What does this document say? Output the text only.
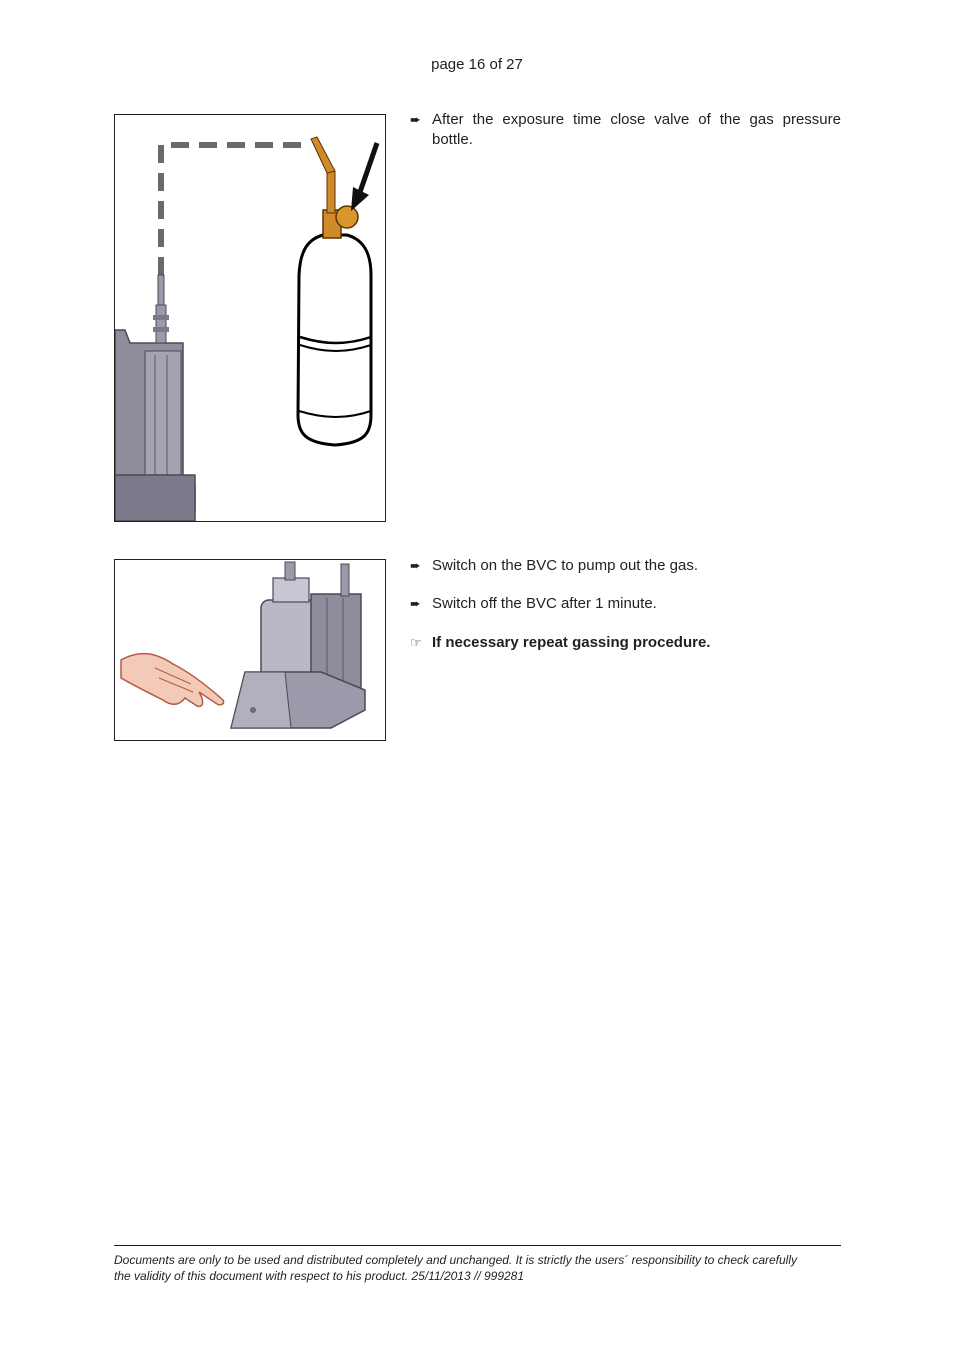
page 16 of 27
➨ After the exposure time close valve of the gas pressure bottle.
➨ Switch on the BVC to pump out the gas.
➨ Switch off the BVC after 1 minute.
☞ If necessary repeat gassing procedure.
Documents are only to be used and distributed completely and unchanged. It is strictly the users´ responsibility to check carefully
the validity of this document with respect to his product. 25/11/2013 // 999281
